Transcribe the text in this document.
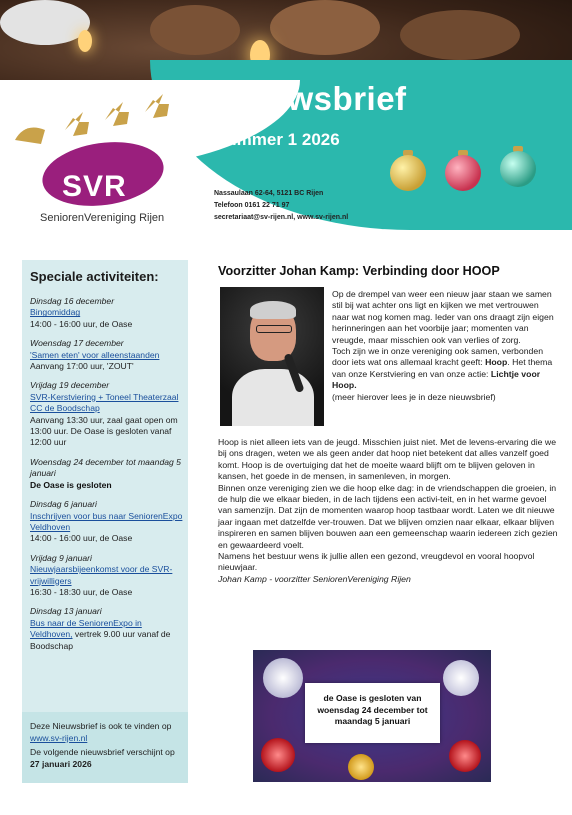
Nieuwsbrief
Nummer 1 2026
SVR
SeniorenVereniging Rijen
Nassaulaan 62-64, 5121 BC Rijen
Telefoon 0161 22 71 97
secretariaat@sv-rijen.nl, www.sv-rijen.nl
Speciale activiteiten:
Dinsdag 16 december
Bingomiddag
14:00 - 16:00 uur, de Oase
Woensdag 17 december
'Samen eten' voor alleenstaanden
Aanvang 17:00 uur, 'ZOUT'
Vrijdag 19 december
SVR-Kerstviering + Toneel Theaterzaal CC de Boodschap
Aanvang 13:30 uur, zaal gaat open om 13:00 uur. De Oase is gesloten vanaf 12:00 uur
Woensdag 24 december tot maandag 5 januari
De Oase is gesloten
Dinsdag 6 januari
Inschrijven voor bus naar SeniorenExpo Veldhoven
14:00 - 16:00 uur, de Oase
Vrijdag 9 januari
Nieuwjaarsbijeenkomst voor de SVR-vrijwilligers
16:30 - 18:30 uur, de Oase
Dinsdag 13 januari
Bus naar de SeniorenExpo in Veldhoven, vertrek 9.00 uur vanaf de Boodschap
Deze Nieuwsbrief is ook te vinden op www.sv-rijen.nl
De volgende nieuwsbrief verschijnt op 27 januari 2026
Voorzitter Johan Kamp: Verbinding door HOOP

Op de drempel van weer een nieuw jaar staan we samen stil bij wat achter ons ligt en kijken we met vertrouwen naar wat nog komen mag. Ieder van ons draagt zijn eigen herinneringen aan het voorbije jaar; momenten van vreugde, maar misschien ook van verlies of zorg.

Toch zijn we in onze vereniging ook samen, verbonden door iets wat ons allemaal kracht geeft: Hoop. Het thema van onze Kerstviering en van onze actie: Lichtje voor Hoop.

(meer hierover lees je in deze nieuwsbrief)

Hoop is niet alleen iets van de jeugd. Misschien juist niet. Met de levens-ervaring die we bij ons dragen, weten we als geen ander dat hoop niet betekent dat alles vanzelf goed komt. Hoop is de overtuiging dat het de moeite waard blijft om te blijven geloven in kansen, het goede in de mensen, in samenleven, in morgen.

Binnen onze vereniging zien we die hoop elke dag: in de vriendschappen die groeien, in de hulp die we elkaar bieden, in de lach tijdens een activi-teit, en in het warme gevoel van samenzijn. Dat zijn de momenten waarop hoop tastbaar wordt. Laten we dit nieuwe jaar ingaan met datzelfde ver-trouwen. Dat we blijven omzien naar elkaar, elkaar blijven inspireren en samen blijven bouwen aan een gemeenschap waarin iedereen zich gezien en gewaardeerd voelt.

Namens het bestuur wens ik jullie allen een gezond, vreugdevol en vooral hoopvol nieuwjaar.

Johan Kamp - voorzitter SeniorenVereniging Rijen

de Oase is gesloten van woensdag 24 december tot maandag 5 januari
